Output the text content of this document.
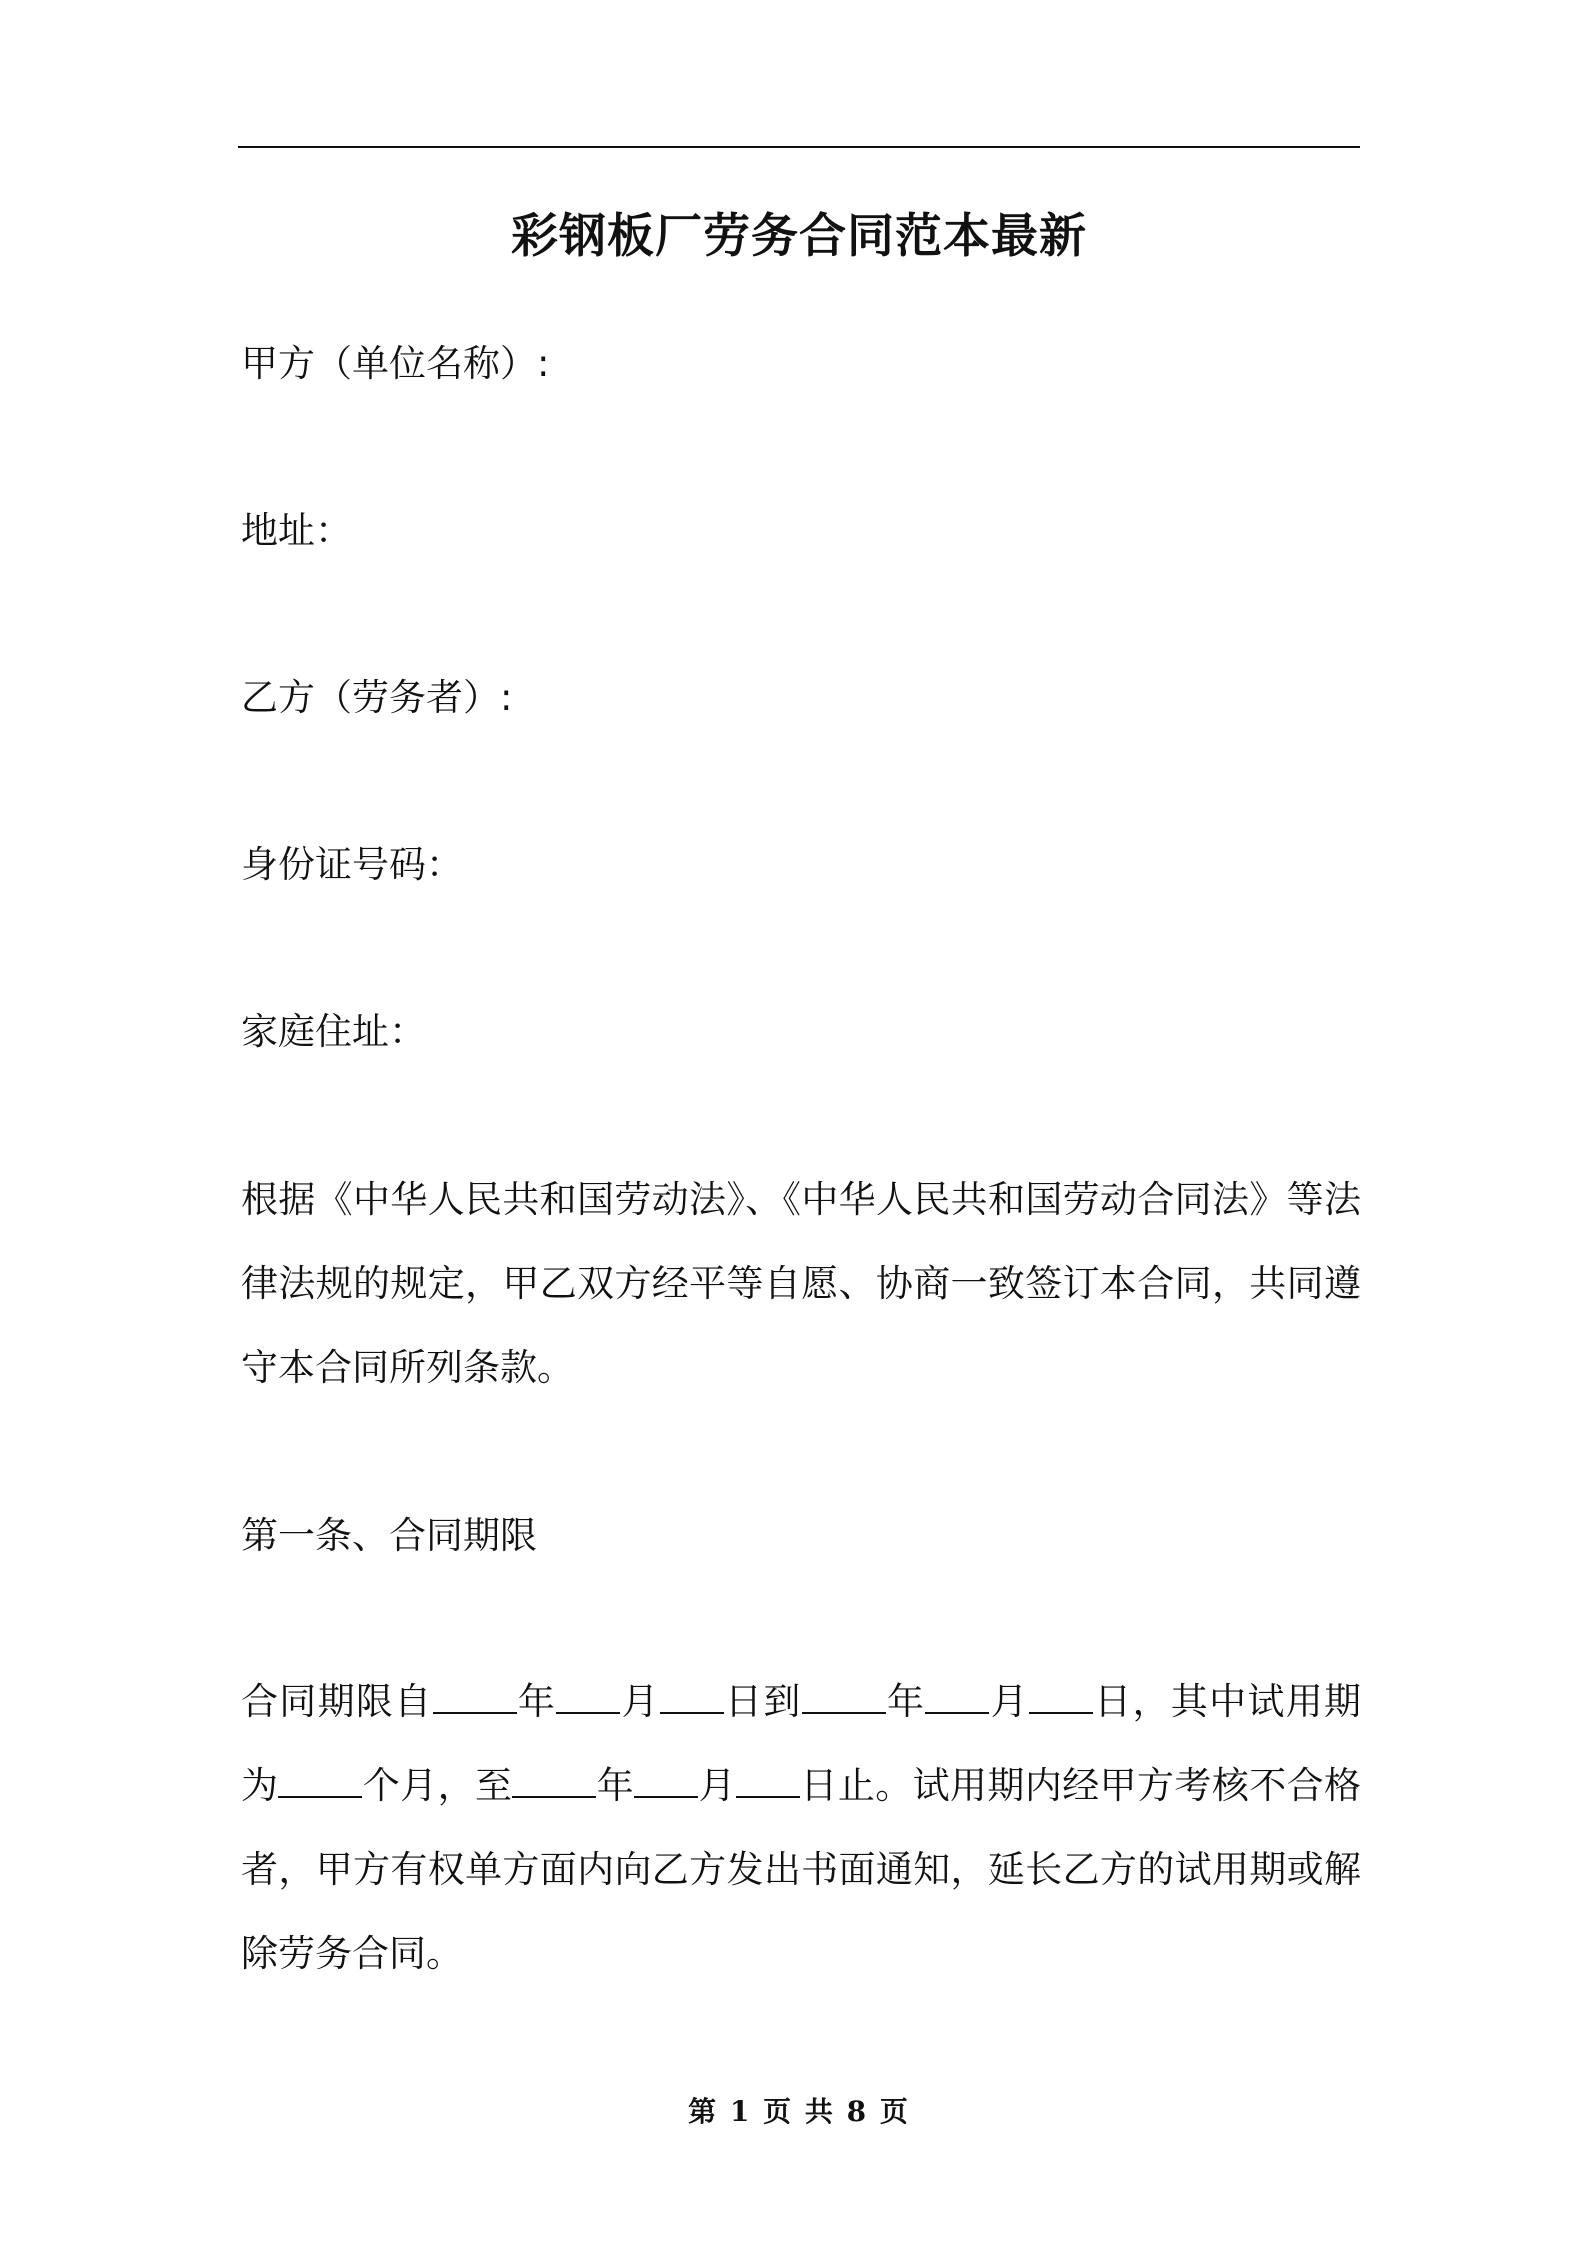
彩钢板厂劳务合同范本最新
甲方（单位名称）:
地址：
乙方（劳务者）:
身份证号码：
家庭住址：
根据《中华人民共和国劳动法》、《中华人民共和国劳动合同法》等法
律法规的规定，甲乙双方经平等自愿、协商一致签订本合同，共同遵
守本合同所列条款。
第一条、合同期限
合同期限自 年 月 日到 年 月 日，其中试用期
为 个月，至 年 月 日止。试用期内经甲方考核不合格
者，甲方有权单方面内向乙方发出书面通知，延长乙方的试用期或解
除劳务合同。
第 1 页 共 8 页
